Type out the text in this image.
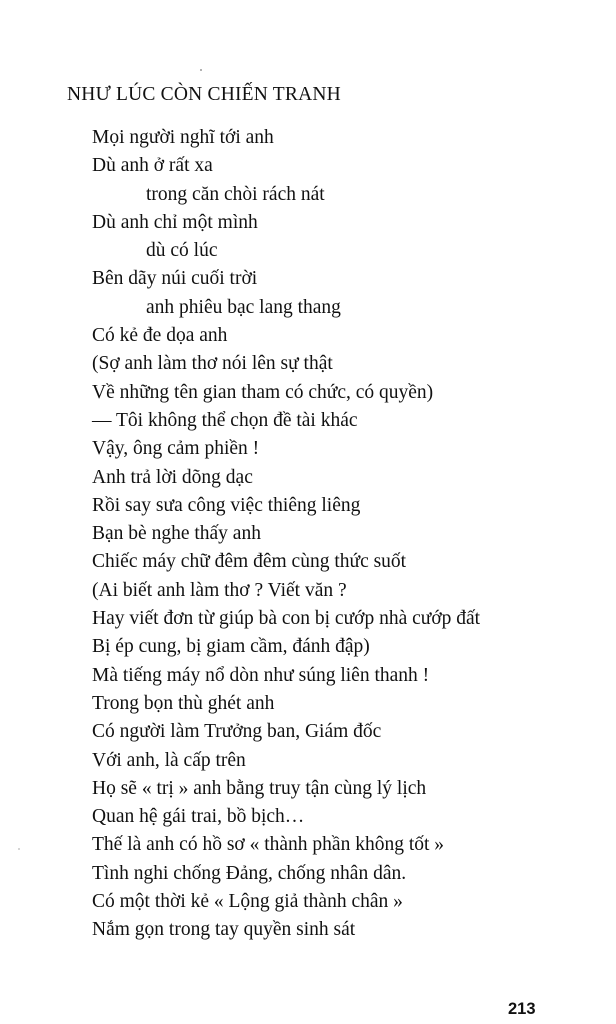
NHƯ LÚC CÒN CHIẾN TRANH
Mọi người nghĩ tới anh
Dù anh ở rất xa
trong căn chòi rách nát
Dù anh chỉ một mình
dù có lúc
Bên dãy núi cuối trời
anh phiêu bạc lang thang
Có kẻ đe dọa anh
(Sợ anh làm thơ nói lên sự thật
Về những tên gian tham có chức, có quyền)
— Tôi không thể chọn đề tài khác
Vậy, ông cảm phiền !
Anh trả lời dõng dạc
Rồi say sưa công việc thiêng liêng
Bạn bè nghe thấy anh
Chiếc máy chữ đêm đêm cùng thức suốt
(Ai biết anh làm thơ ? Viết văn ?
Hay viết đơn từ giúp bà con bị cướp nhà cướp đất
Bị ép cung, bị giam cầm, đánh đập)
Mà tiếng máy nổ dòn như súng liên thanh !
Trong bọn thù ghét anh
Có người làm Trưởng ban, Giám đốc
Với anh, là cấp trên
Họ sẽ « trị » anh bằng truy tận cùng lý lịch
Quan hệ gái trai, bồ bịch…
Thế là anh có hồ sơ « thành phần không tốt »
Tình nghi chống Đảng, chống nhân dân.
Có một thời kẻ « Lộng giả thành chân »
Nắm gọn trong tay quyền sinh sát
213
